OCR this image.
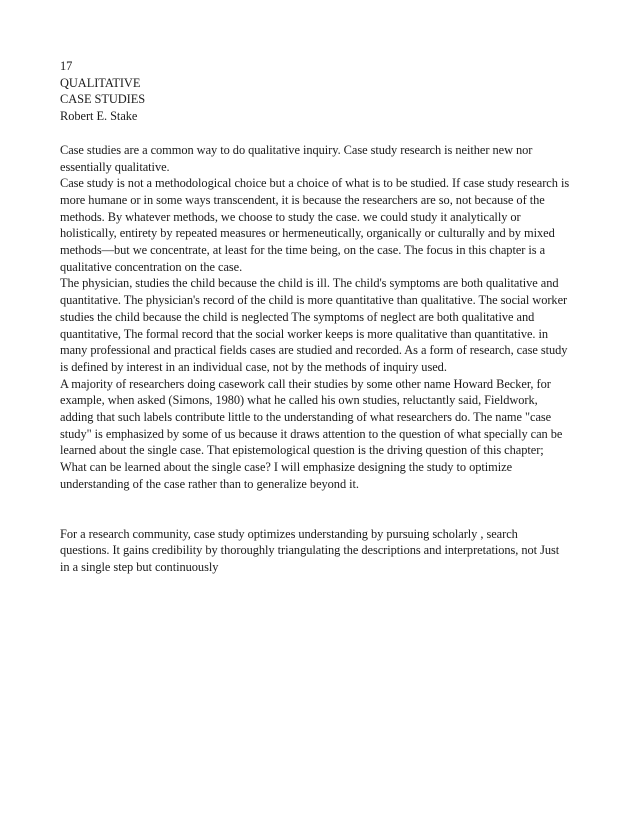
17
QUALITATIVE
CASE STUDIES
Robert E. Stake
Case studies are a common way to do qualitative inquiry. Case study research is neither new nor
essentially qualitative.
Case study is not a methodological choice but a choice of what is to be studied. If case study research is
more humane or in some ways transcendent, it is because the researchers are so, not because of the
methods. By whatever methods, we choose to study the case. we could study it analytically or
holistically, entirety by repeated measures or hermeneutically, organically or culturally and by mixed
methods—but we concentrate, at least for the time being, on the case. The focus in this chapter is a
qualitative concentration on the case.
The physician, studies the child because the child is ill. The child's symptoms are both qualitative and
quantitative. The physician's record of the child is more quantitative than qualitative. The social worker
studies the child because the child is neglected The symptoms of neglect are both qualitative and
quantitative, The formal record that the social worker keeps is more qualitative than quantitative. in
many professional and practical fields cases are studied and recorded. As a form of research, case study
is defined by interest in an individual case, not by the methods of inquiry used.
A majority of researchers doing casework call their studies by some other name Howard Becker, for
example, when asked (Simons, 1980) what he called his own studies, reluctantly said, Fieldwork,
adding that such labels contribute little to the understanding of what researchers do. The name "case
study" is emphasized by some of us because it draws attention to the question of what specially can be
learned about the single case. That epistemological question is the driving question of this chapter;
What can be learned about the single case? I will emphasize designing the study to optimize
understanding of the case rather than to generalize beyond it.
For a research community, case study optimizes understanding by pursuing scholarly , search
questions. It gains credibility by thoroughly triangulating the descriptions and interpretations, not Just
in a single step but continuously
